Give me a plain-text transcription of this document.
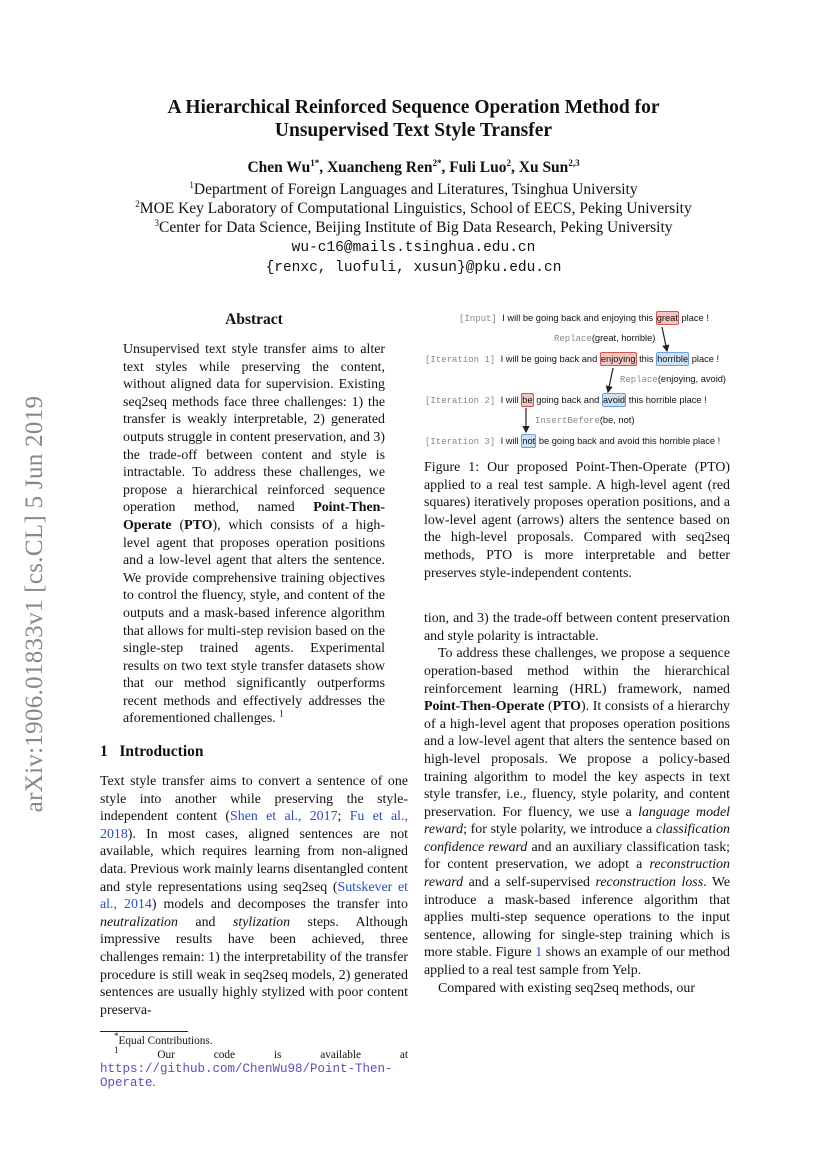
arXiv:1906.01833v1 [cs.CL] 5 Jun 2019
A Hierarchical Reinforced Sequence Operation Method for
Unsupervised Text Style Transfer
Chen $Wu^{1*}$, Xuancheng Ren$^{2*}$, Fuli Luo$^2$, Xu Sun$^{2,3}$
$^1$Department of Foreign Languages and Literatures, Tsinghua University
$^2$MOE Key Laboratory of Computational Linguistics, School of EECS, Peking University
$^3$Center for Data Science, Beijing Institute of Big Data Research, Peking University
wu-c16@mails.tsinghua.edu.cn
{renxc, luofuli, xusun}@pku.edu.cn
Abstract

Unsupervised text style transfer aims to alter text styles while preserving the content, without aligned data for supervision. Existing seq2seq methods face three challenges: 1) the transfer is weakly interpretable, 2) generated outputs struggle in content preservation, and 3) the trade-off between content and style is intractable. To address these challenges, we propose a hierarchical reinforced sequence operation method, named Point-Then-Operate (PTO), which consists of a high-level agent that proposes operation positions and a low-level agent that alters the sentence. We provide comprehensive training objectives to control the fluency, style, and content of the outputs and a mask-based inference algorithm that allows for multi-step revision based on the single-step trained agents. Experimental results on two text style transfer datasets show that our method significantly outperforms recent methods and effectively addresses the aforementioned challenges. $^1$

1 Introduction

Text style transfer aims to convert a sentence of one style into another while preserving the style-independent content (Shen et al., 2017; Fu et al., 2018). In most cases, aligned sentences are not available, which requires learning from non-aligned data. Previous work mainly learns disentangled content and style representations using seq2seq (Sutskever et al., 2014) models and decomposes the transfer into neutralization and stylization steps. Although impressive results have been achieved, three challenges remain: 1) the interpretability of the transfer procedure is still weak in seq2seq models, 2) generated sentences are usually highly stylized with poor content preserva-

*Equal Contributions.
$^1$ Our code is available at https://github.com/ChenWu98/Point-Then-Operate.
[Input] I will be going back and enjoying this great place !
Replace(great, horrible)
[Iteration 1] I will be going back and enjoying this horrible place !
Replace(enjoying, avoid)
[Iteration 2] I will be going back and avoid this horrible place !
InsertBefore(be, not)
[Iteration 3] I will not be going back and avoid this horrible place !
Figure 1: Our proposed Point-Then-Operate (PTO) applied to a real test sample. A high-level agent (red squares) iteratively proposes operation positions, and a low-level agent (arrows) alters the sentence based on the high-level proposals. Compared with seq2seq methods, PTO is more interpretable and better preserves style-independent contents.

tion, and 3) the trade-off between content preservation and style polarity is intractable.

To address these challenges, we propose a sequence operation-based method within the hierarchical reinforcement learning (HRL) framework, named Point-Then-Operate (PTO). It consists of a hierarchy of a high-level agent that proposes operation positions and a low-level agent that alters the sentence based on high-level proposals. We propose a policy-based training algorithm to model the key aspects in text style transfer, i.e., fluency, style polarity, and content preservation. For fluency, we use a language model reward; for style polarity, we introduce a classification confidence reward and an auxiliary classification task; for content preservation, we adopt a reconstruction reward and a self-supervised reconstruction loss. We introduce a mask-based inference algorithm that applies multi-step sequence operations to the input sentence, allowing for single-step training which is more stable. Figure 1 shows an example of our method applied to a real test sample from Yelp.

Compared with existing seq2seq methods, our
